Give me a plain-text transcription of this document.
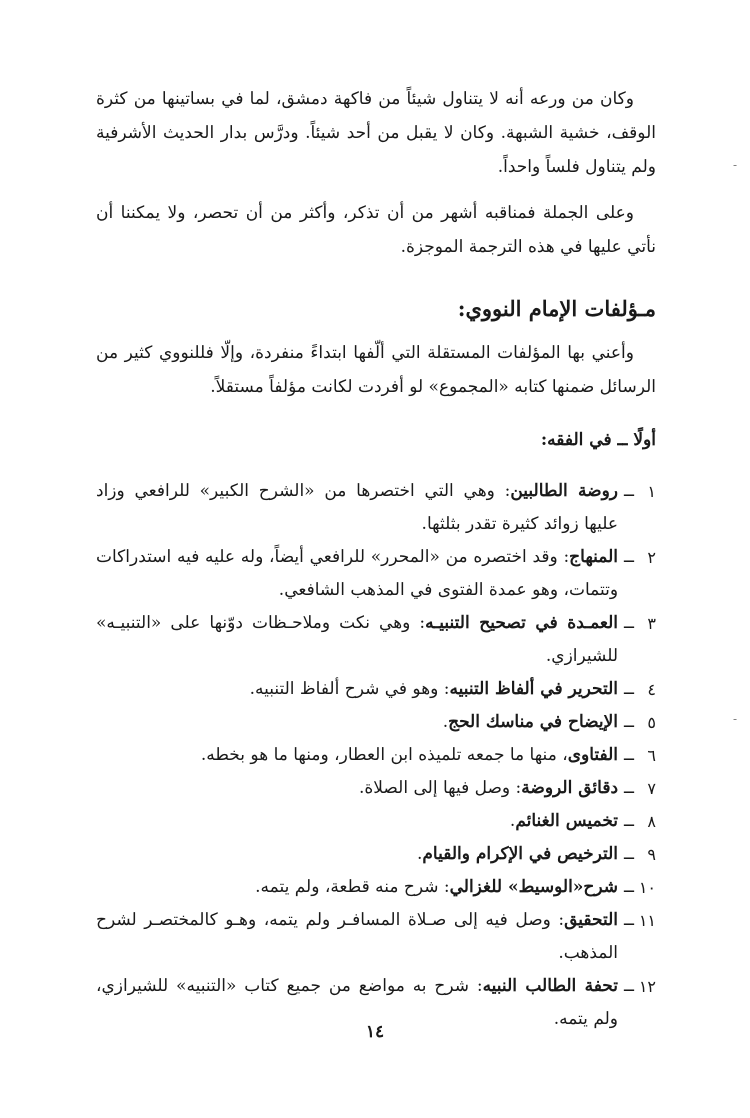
-
-

وكان من ورعه أنه لا يتناول شيئاً من فاكهة دمشق، لما في بساتينها من كثرة الوقف، خشية الشبهة. وكان لا يقبل من أحد شيئاً. ودرَّس بدار الحديث الأشرفية ولم يتناول فلساً واحداً.

وعلى الجملة فمناقبه أشهر من أن تذكر، وأكثر من أن تحصر، ولا يمكننا أن نأتي عليها في هذه الترجمة الموجزة.

مـؤلفات الإمام النووي:

وأعني بها المؤلفات المستقلة التي ألّفها ابتداءً منفردة، وإلّا فللنووي كثير من الرسائل ضمنها كتابه «المجموع» لو أفردت لكانت مؤلفاً مستقلاً.

أولًا ــ في الفقه:
١
ــ
روضة الطالبين: وهي التي اختصرها من «الشرح الكبير» للرافعي وزاد عليها زوائد كثيرة تقدر بثلثها.
٢
ــ
المنهاج: وقد اختصره من «المحرر» للرافعي أيضاً، وله عليه فيه استدراكات وتتمات، وهو عمدة الفتوى في المذهب الشافعي.
٣
ــ
العمـدة في تصحيح التنبيـه: وهي نكت وملاحـظات دوّنها على «التنبيـه» للشيرازي.
٤
ــ
التحرير في ألفاظ التنبيه: وهو في شرح ألفاظ التنبيه.
٥
ــ
الإيضاح في مناسك الحج.
٦
ــ
الفتاوى، منها ما جمعه تلميذه ابن العطار، ومنها ما هو بخطه.
٧
ــ
دقائق الروضة: وصل فيها إلى الصلاة.
٨
ــ
تخميس الغنائم.
٩
ــ
الترخيص في الإكرام والقيام.
١٠
ــ
شرح«الوسيط» للغزالي: شرح منه قطعة، ولم يتمه.
١١
ــ
التحقيق: وصل فيه إلى صـلاة المسافـر ولم يتمه، وهـو كالمختصـر لشرح المذهب.
١٢
ــ
تحفة الطالب النبيه: شرح به مواضع من جميع كتاب «التنبيه» للشيرازي، ولم يتمه.
١٤
